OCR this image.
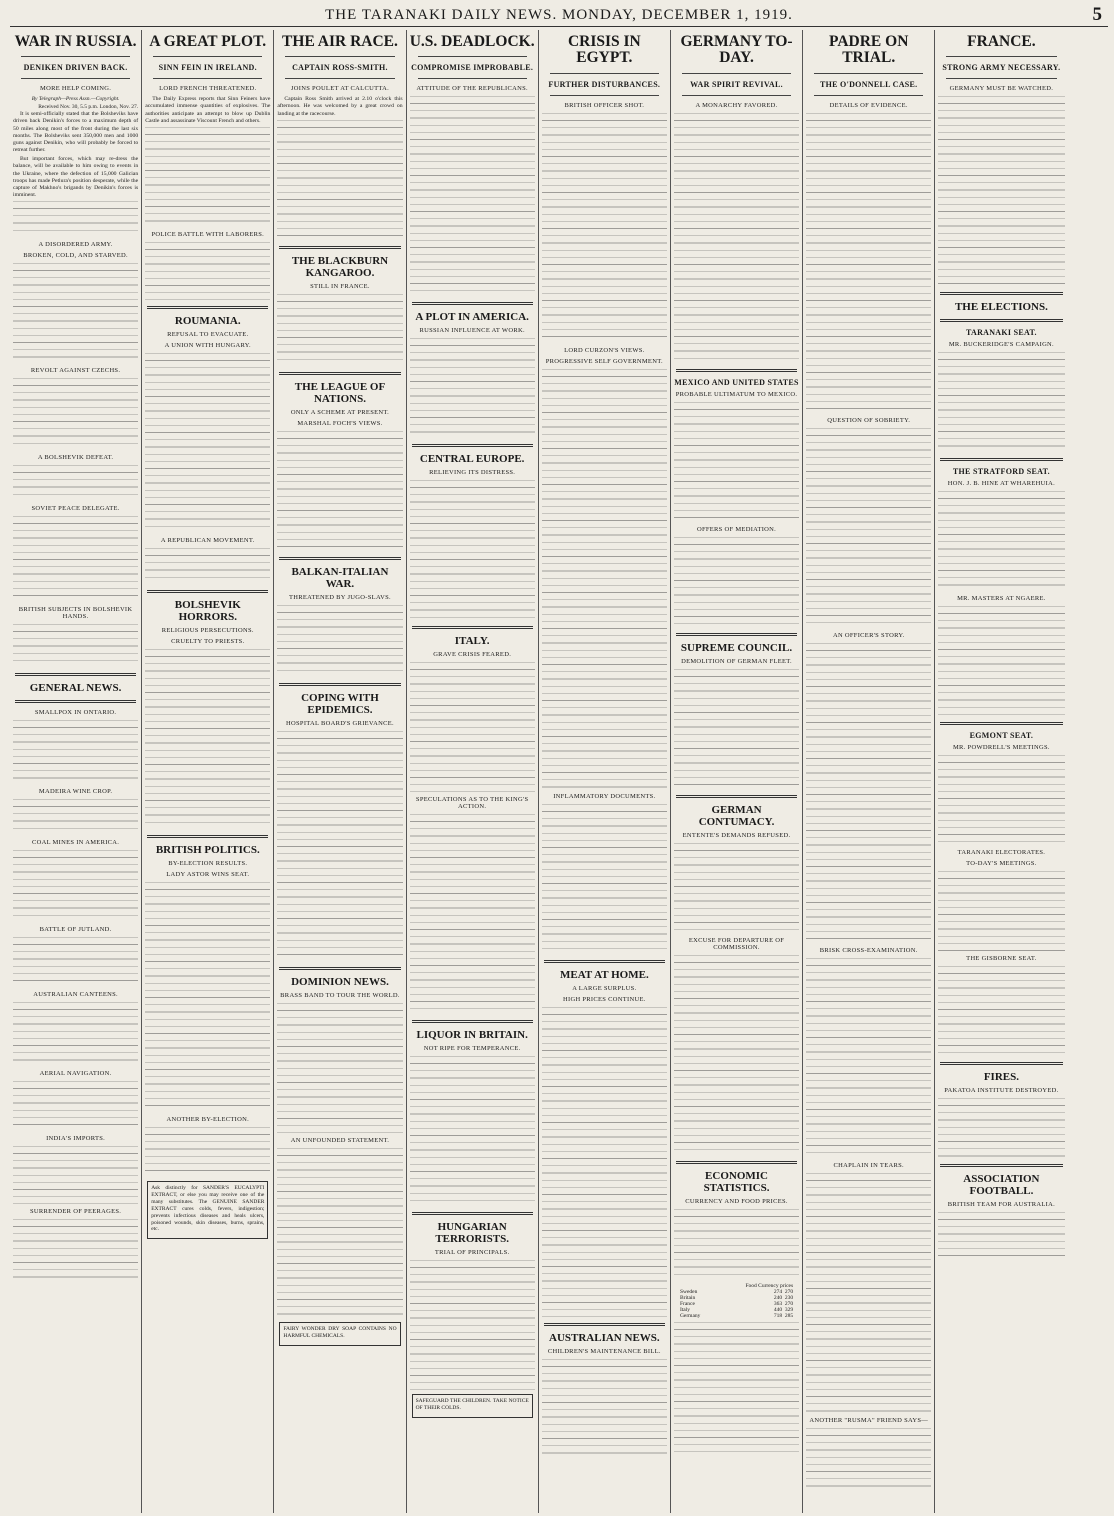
THE TARANAKI DAILY NEWS. MONDAY, DECEMBER 1, 1919.	5
WAR IN RUSSIA.
DENIKEN DRIVEN BACK.
MORE HELP COMING.
By Telegraph—Press Assn.—Copyright.
Received Nov. 30, 5.5 p.m. London, Nov. 27.

It is semi-officially stated that the Bolsheviks have driven back Denikin's forces to a maximum depth of 50 miles along most of the front during the last six months. The Bolsheviks sent 350,000 men and 1000 guns against Denikin, who will probably be forced to retreat further.

But important forces, which may re-dress the balance, will be available to him owing to events in the Ukraine, where the defection of 15,000 Galician troops has made Petlura's position desperate, while the capture of Makhno's brigands by Denikin's forces is imminent.

A DISORDERED ARMY.
BROKEN, COLD, AND STARVED.
REVOLT AGAINST CZECHS.
A BOLSHEVIK DEFEAT.
SOVIET PEACE DELEGATE.
BRITISH SUBJECTS IN BOLSHEVIK HANDS.
GENERAL NEWS.
SMALLPOX IN ONTARIO.
MADEIRA WINE CROP.
COAL MINES IN AMERICA.
BATTLE OF JUTLAND.
AUSTRALIAN CANTEENS.
AERIAL NAVIGATION.
INDIA'S IMPORTS.
SURRENDER OF PEERAGES.
A GREAT PLOT.
SINN FEIN IN IRELAND.
LORD FRENCH THREATENED.

The Daily Express reports that Sinn Feiners have accumulated immense quantities of explosives. The authorities anticipate an attempt to blow up Dublin Castle and assassinate Viscount French and others.

POLICE BATTLE WITH LABORERS.
ROUMANIA.
REFUSAL TO EVACUATE.
A UNION WITH HUNGARY.
A REPUBLICAN MOVEMENT.
BOLSHEVIK HORRORS.
RELIGIOUS PERSECUTIONS.
CRUELTY TO PRIESTS.
BRITISH POLITICS.
BY-ELECTION RESULTS.
LADY ASTOR WINS SEAT.
ANOTHER BY-ELECTION.

Ask distinctly for SANDER'S EUCALYPTI EXTRACT, or else you may receive one of the many substitutes. The GENUINE SANDER EXTRACT cures colds, fevers, indigestion; prevents infectious diseases and heals ulcers, poisoned wounds, skin diseases, burns, sprains, etc.

THE AIR RACE.
CAPTAIN ROSS-SMITH.
JOINS POULET AT CALCUTTA.

Captain Ross Smith arrived at 2.10 o'clock this afternoon. He was welcomed by a great crowd on landing at the racecourse.

THE BLACKBURN KANGAROO.
STILL IN FRANCE.
THE LEAGUE OF NATIONS.
ONLY A SCHEME AT PRESENT.
MARSHAL FOCH'S VIEWS.
BALKAN-ITALIAN WAR.
THREATENED BY JUGO-SLAVS.
COPING WITH EPIDEMICS.
HOSPITAL BOARD'S GRIEVANCE.
DOMINION NEWS.
BRASS BAND TO TOUR THE WORLD.
AN UNFOUNDED STATEMENT.

FAIRY WONDER DRY SOAP CONTAINS NO HARMFUL CHEMICALS.

U.S. DEADLOCK.
COMPROMISE IMPROBABLE.
ATTITUDE OF THE REPUBLICANS.
A PLOT IN AMERICA.
RUSSIAN INFLUENCE AT WORK.
CENTRAL EUROPE.
RELIEVING ITS DISTRESS.
ITALY.
GRAVE CRISIS FEARED.
SPECULATIONS AS TO THE KING'S ACTION.
LIQUOR IN BRITAIN.
NOT RIPE FOR TEMPERANCE.
HUNGARIAN TERRORISTS.
TRIAL OF PRINCIPALS.

SAFEGUARD THE CHILDREN. TAKE NOTICE OF THEIR COLDS.

CRISIS IN EGYPT.
FURTHER DISTURBANCES.
BRITISH OFFICER SHOT.
LORD CURZON'S VIEWS.
PROGRESSIVE SELF GOVERNMENT.
INFLAMMATORY DOCUMENTS.
MEAT AT HOME.
A LARGE SURPLUS.
HIGH PRICES CONTINUE.
AUSTRALIAN NEWS.
CHILDREN'S MAINTENANCE BILL.
GERMANY TO-DAY.
WAR SPIRIT REVIVAL.
A MONARCHY FAVORED.
MEXICO AND UNITED STATES
PROBABLE ULTIMATUM TO MEXICO.
OFFERS OF MEDIATION.
SUPREME COUNCIL.
DEMOLITION OF GERMAN FLEET.
GERMAN CONTUMACY.
ENTENTE'S DEMANDS REFUSED.
EXCUSE FOR DEPARTURE OF COMMISSION.
ECONOMIC STATISTICS.
CURRENCY AND FOOD PRICES.
Food Currency prices
Sweden	274 270
Britain	240 230
France	363 270
Italy	440 329
Germany	718 285
PADRE ON TRIAL.
THE O'DONNELL CASE.
DETAILS OF EVIDENCE.
QUESTION OF SOBRIETY.
AN OFFICER'S STORY.
BRISK CROSS-EXAMINATION.
CHAPLAIN IN TEARS.
ANOTHER "RUSMA" FRIEND SAYS—
FRANCE.
STRONG ARMY NECESSARY.
GERMANY MUST BE WATCHED.
THE ELECTIONS.
TARANAKI SEAT.
MR. BUCKERIDGE'S CAMPAIGN.
THE STRATFORD SEAT.
HON. J. B. HINE AT WHAREHUIA.
MR. MASTERS AT NGAERE.
EGMONT SEAT.
MR. POWDRELL'S MEETINGS.
TARANAKI ELECTORATES.
TO-DAY'S MEETINGS.
THE GISBORNE SEAT.
FIRES.
PAKATOA INSTITUTE DESTROYED.
ASSOCIATION FOOTBALL.
BRITISH TEAM FOR AUSTRALIA.
